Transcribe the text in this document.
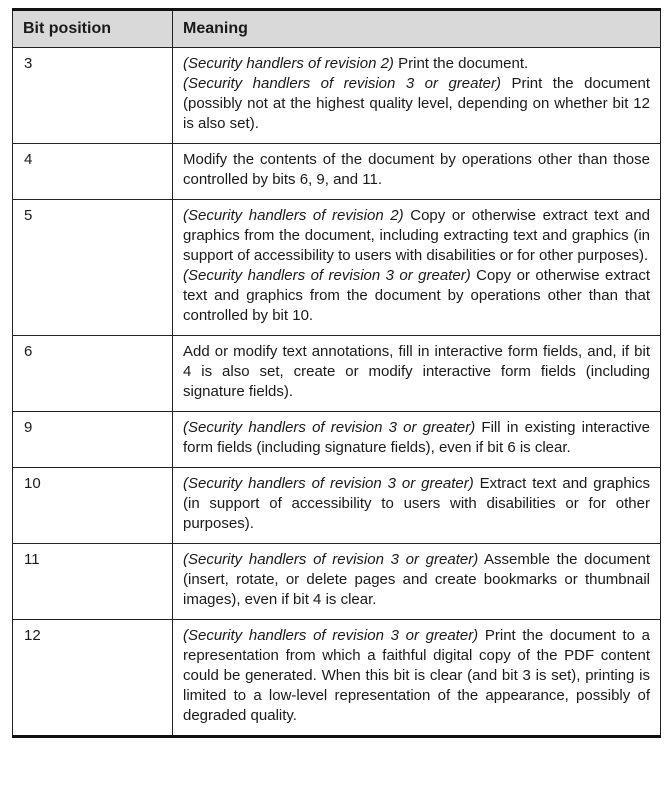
Bit position	Meaning
3	(Security handlers of revision 2) Print the document.
(Security handlers of revision 3 or greater) Print the document (possibly not at the highest quality level, depending on whether bit 12 is also set).

4	Modify the contents of the document by operations other than those controlled by bits 6, 9, and 11.

5	(Security handlers of revision 2) Copy or otherwise extract text and graphics from the document, including extracting text and graphics (in support of accessibility to users with disabilities or for other purposes).
(Security handlers of revision 3 or greater) Copy or otherwise extract text and graphics from the document by operations other than that controlled by bit 10.

6	Add or modify text annotations, fill in interactive form fields, and, if bit 4 is also set, create or modify interactive form fields (including signature fields).

9	(Security handlers of revision 3 or greater) Fill in existing interactive form fields (including signature fields), even if bit 6 is clear.

10	(Security handlers of revision 3 or greater) Extract text and graphics (in support of accessibility to users with disabilities or for other purposes).

11	(Security handlers of revision 3 or greater) Assemble the document (insert, rotate, or delete pages and create bookmarks or thumbnail images), even if bit 4 is clear.

12	(Security handlers of revision 3 or greater) Print the document to a representation from which a faithful digital copy of the PDF content could be generated. When this bit is clear (and bit 3 is set), printing is limited to a low-level representation of the appearance, possibly of degraded quality.
